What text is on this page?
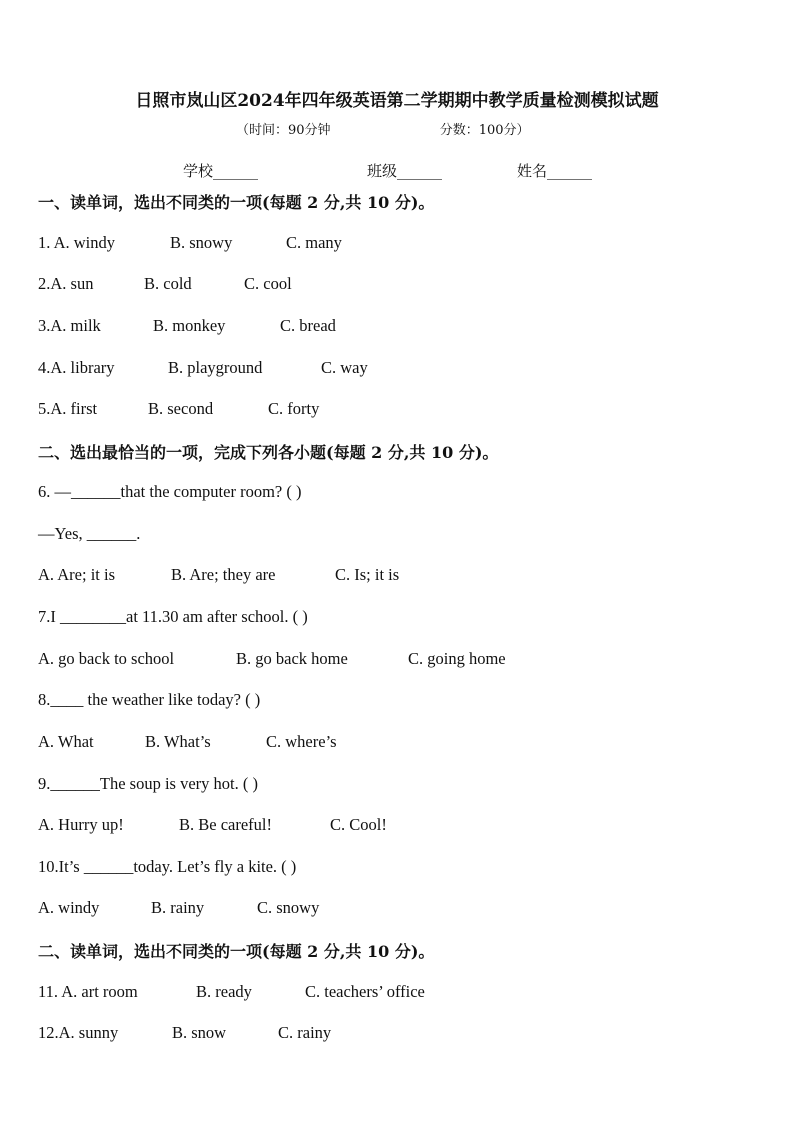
日照市岚山区2024年四年级英语第二学期期中教学质量检测模拟试题
（时间：90分钟	分数：100分）
学校______	班级______	姓名______
一、读单词，选出不同类的一项(每题 2 分,共 10 分)。
1. A. windy	B. snowy	C. many
2.A. sun	B. cold	C. cool
3.A. milk	B. monkey	C. bread
4.A. library	B. playground	C. way
5.A. first	B. second	C. forty
二、选出最恰当的一项，完成下列各小题(每题 2 分,共 10 分)。
6. —______that the computer room? ( )
—Yes, ______.
A. Are; it is	B. Are; they are	C. Is; it is
7.I ________at 11.30 am after school. ( )
A. go back to school	B. go back home	C. going home
8.____ the weather like today? ( )
A. What	B. What’s	C. where’s
9.______The soup is very hot. ( )
A. Hurry up!	B. Be careful!	C. Cool!
10.It’s ______today. Let’s fly a kite. ( )
A. windy	B. rainy	C. snowy
二、读单词，选出不同类的一项(每题 2 分,共 10 分)。
11. A. art room	B. ready	C. teachers’ office
12.A. sunny	B. snow	C. rainy
